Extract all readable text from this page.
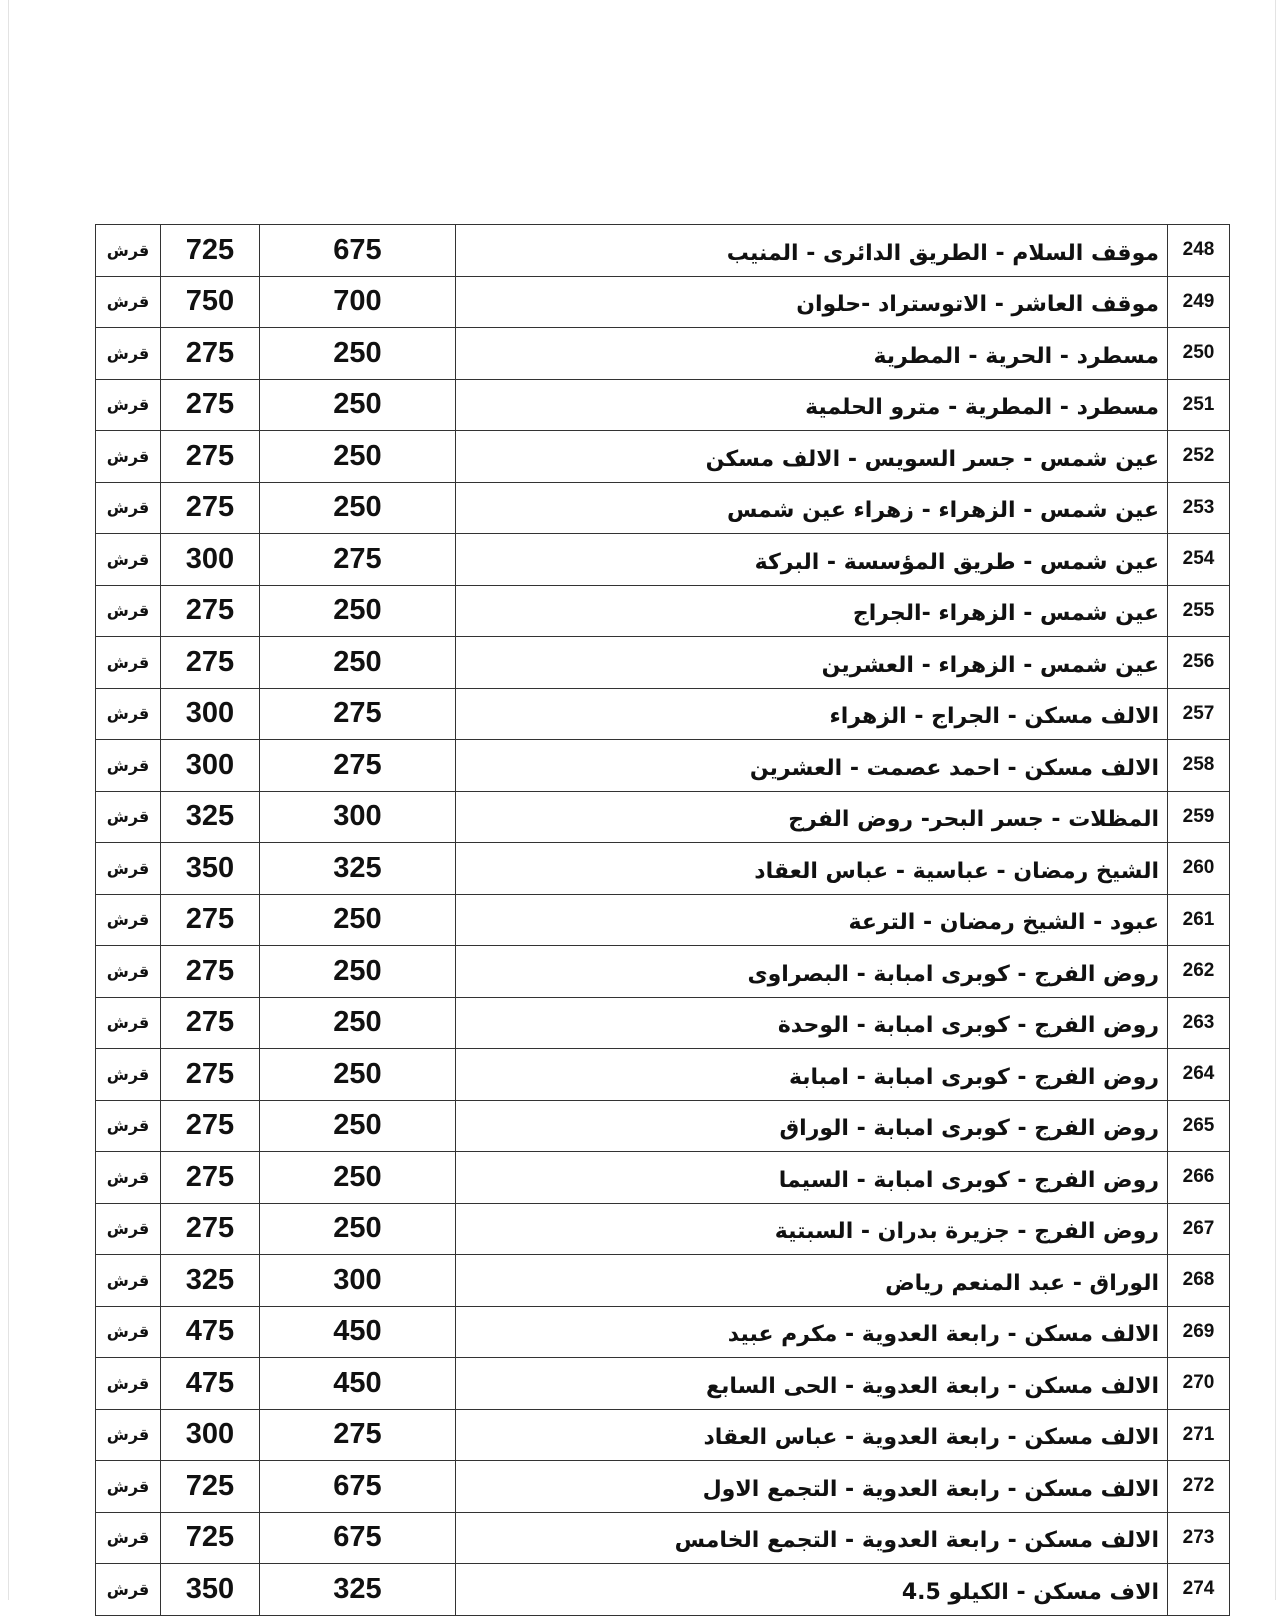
قرش	725	675	موقف السلام - الطريق الدائرى - المنيب	248
قرش	750	700	موقف العاشر - الاتوستراد -حلوان	249
قرش	275	250	مسطرد - الحرية - المطرية	250
قرش	275	250	مسطرد - المطرية - مترو الحلمية	251
قرش	275	250	عين شمس - جسر السويس - الالف مسكن	252
قرش	275	250	عين شمس - الزهراء - زهراء عين شمس	253
قرش	300	275	عين شمس - طريق المؤسسة - البركة	254
قرش	275	250	عين شمس - الزهراء -الجراج	255
قرش	275	250	عين شمس - الزهراء - العشرين	256
قرش	300	275	الالف مسكن - الجراج - الزهراء	257
قرش	300	275	الالف مسكن - احمد عصمت - العشرين	258
قرش	325	300	المظلات - جسر البحر- روض الفرج	259
قرش	350	325	الشيخ رمضان - عباسية - عباس العقاد	260
قرش	275	250	عبود - الشيخ رمضان - الترعة	261
قرش	275	250	روض الفرج - كوبرى امبابة - البصراوى	262
قرش	275	250	روض الفرج - كوبرى امبابة - الوحدة	263
قرش	275	250	روض الفرج - كوبرى امبابة - امبابة	264
قرش	275	250	روض الفرج - كوبرى امبابة - الوراق	265
قرش	275	250	روض الفرج - كوبرى امبابة - السيما	266
قرش	275	250	روض الفرج - جزيرة بدران - السبتية	267
قرش	325	300	الوراق - عبد المنعم رياض	268
قرش	475	450	الالف مسكن - رابعة العدوية - مكرم عبيد	269
قرش	475	450	الالف مسكن - رابعة العدوية - الحى السابع	270
قرش	300	275	الالف مسكن - رابعة العدوية - عباس العقاد	271
قرش	725	675	الالف مسكن - رابعة العدوية - التجمع الاول	272
قرش	725	675	الالف مسكن - رابعة العدوية - التجمع الخامس	273
قرش	350	325	الاف مسكن - الكيلو 4.5	274
